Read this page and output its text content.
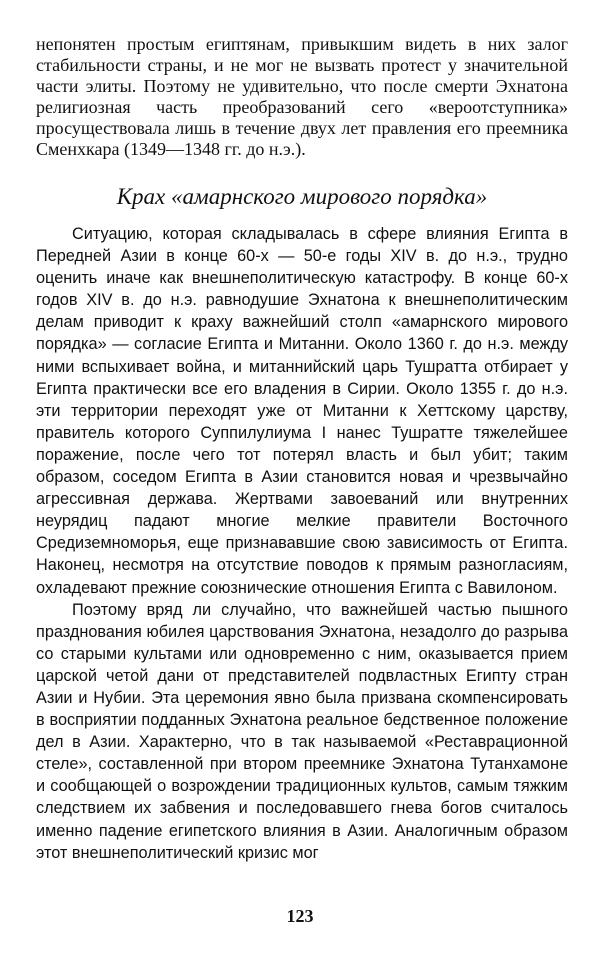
непонятен простым египтянам, привыкшим видеть в них залог стабильности страны, и не мог не вызвать протест у значительной части элиты. Поэтому не удивительно, что после смерти Эхнатона религиозная часть преобразований сего «вероотступника» просуществовала лишь в течение двух лет правления его преемника Сменхкара (1349—1348 гг. до н.э.).

Крах «амарнского мирового порядка»

Ситуацию, которая складывалась в сфере влияния Египта в Передней Азии в конце 60-х — 50-е годы XIV в. до н.э., трудно оценить иначе как внешнеполитическую катастрофу. В конце 60-х годов XIV в. до н.э. равнодушие Эхнатона к внешнеполитическим делам приводит к краху важнейший столп «амарнского мирового порядка» — согласие Египта и Митанни. Около 1360 г. до н.э. между ними вспыхивает война, и митаннийский царь Тушратта отбирает у Египта практически все его владения в Сирии. Около 1355 г. до н.э. эти территории переходят уже от Митанни к Хеттскому царству, правитель которого Суппилулиума I нанес Тушратте тяжелейшее поражение, после чего тот потерял власть и был убит; таким образом, соседом Египта в Азии становится новая и чрезвычайно агрессивная держава. Жертвами завоеваний или внутренних неурядиц падают многие мелкие правители Восточного Средиземноморья, еще признававшие свою зависимость от Египта. Наконец, несмотря на отсутствие поводов к прямым разногласиям, охладевают прежние союзнические отношения Египта с Вавилоном.

Поэтому вряд ли случайно, что важнейшей частью пышного празднования юбилея царствования Эхнатона, незадолго до разрыва со старыми культами или одновременно с ним, оказывается прием царской четой дани от представителей подвластных Египту стран Азии и Нубии. Эта церемония явно была призвана скомпенсировать в восприятии подданных Эхнатона реальное бедственное положение дел в Азии. Характерно, что в так называемой «Реставрационной стеле», составленной при втором преемнике Эхнатона Тутанхамоне и сообщающей о возрождении традиционных культов, самым тяжким следствием их забвения и последовавшего гнева богов считалось именно падение египетского влияния в Азии. Аналогичным образом этот внешнеполитический кризис мог

123
